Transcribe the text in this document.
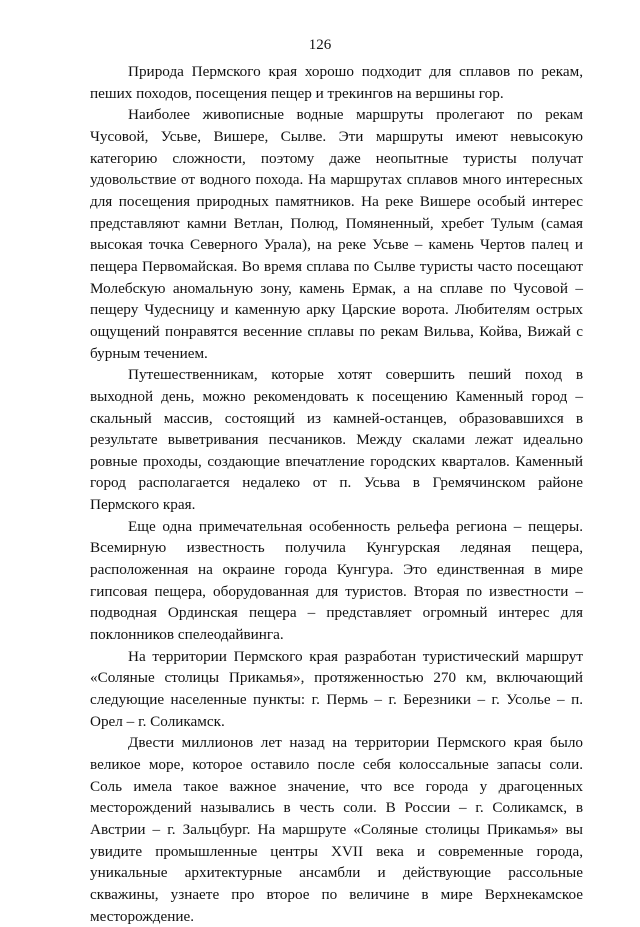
126

Природа Пермского края хорошо подходит для сплавов по рекам, пеших походов, посещения пещер и трекингов на вершины гор.

Наиболее живописные водные маршруты пролегают по рекам Чусовой, Усьве, Вишере, Сылве. Эти маршруты имеют невысокую категорию сложности, поэтому даже неопытные туристы получат удовольствие от водного похода. На маршрутах сплавов много интересных для посещения природных памятников. На реке Вишере особый интерес представляют камни Ветлан, Полюд, Помяненный, хребет Тулым (самая высокая точка Северного Урала), на реке Усьве – камень Чертов палец и пещера Первомайская. Во время сплава по Сылве туристы часто посещают Молебскую аномальную зону, камень Ермак, а на сплаве по Чусовой – пещеру Чудесницу и каменную арку Царские ворота. Любителям острых ощущений понравятся весенние сплавы по рекам Вильва, Койва, Вижай с бурным течением.

Путешественникам, которые хотят совершить пеший поход в выходной день, можно рекомендовать к посещению Каменный город – скальный массив, состоящий из камней-останцев, образовавшихся в результате выветривания песчаников. Между скалами лежат идеально ровные проходы, создающие впечатление городских кварталов. Каменный город располагается недалеко от п. Усьва в Гремячинском районе Пермского края.

Еще одна примечательная особенность рельефа региона – пещеры. Всемирную известность получила Кунгурская ледяная пещера, расположенная на окраине города Кунгура. Это единственная в мире гипсовая пещера, оборудованная для туристов. Вторая по известности – подводная Ординская пещера – представляет огромный интерес для поклонников спелеодайвинга.

На территории Пермского края разработан туристический маршрут «Соляные столицы Прикамья», протяженностью 270 км, включающий следующие населенные пункты: г. Пермь – г. Березники – г. Усолье – п. Орел – г. Соликамск.

Двести миллионов лет назад на территории Пермского края было великое море, которое оставило после себя колоссальные запасы соли. Соль имела такое важное значение, что все города у драгоценных месторождений назывались в честь соли. В России – г. Соликамск, в Австрии – г. Зальцбург. На маршруте «Соляные столицы Прикамья» вы увидите промышленные центры XVII века и современные города, уникальные архитектурные ансамбли и действующие рассольные скважины, узнаете про второе по величине в мире Верхнекамское месторождение.
